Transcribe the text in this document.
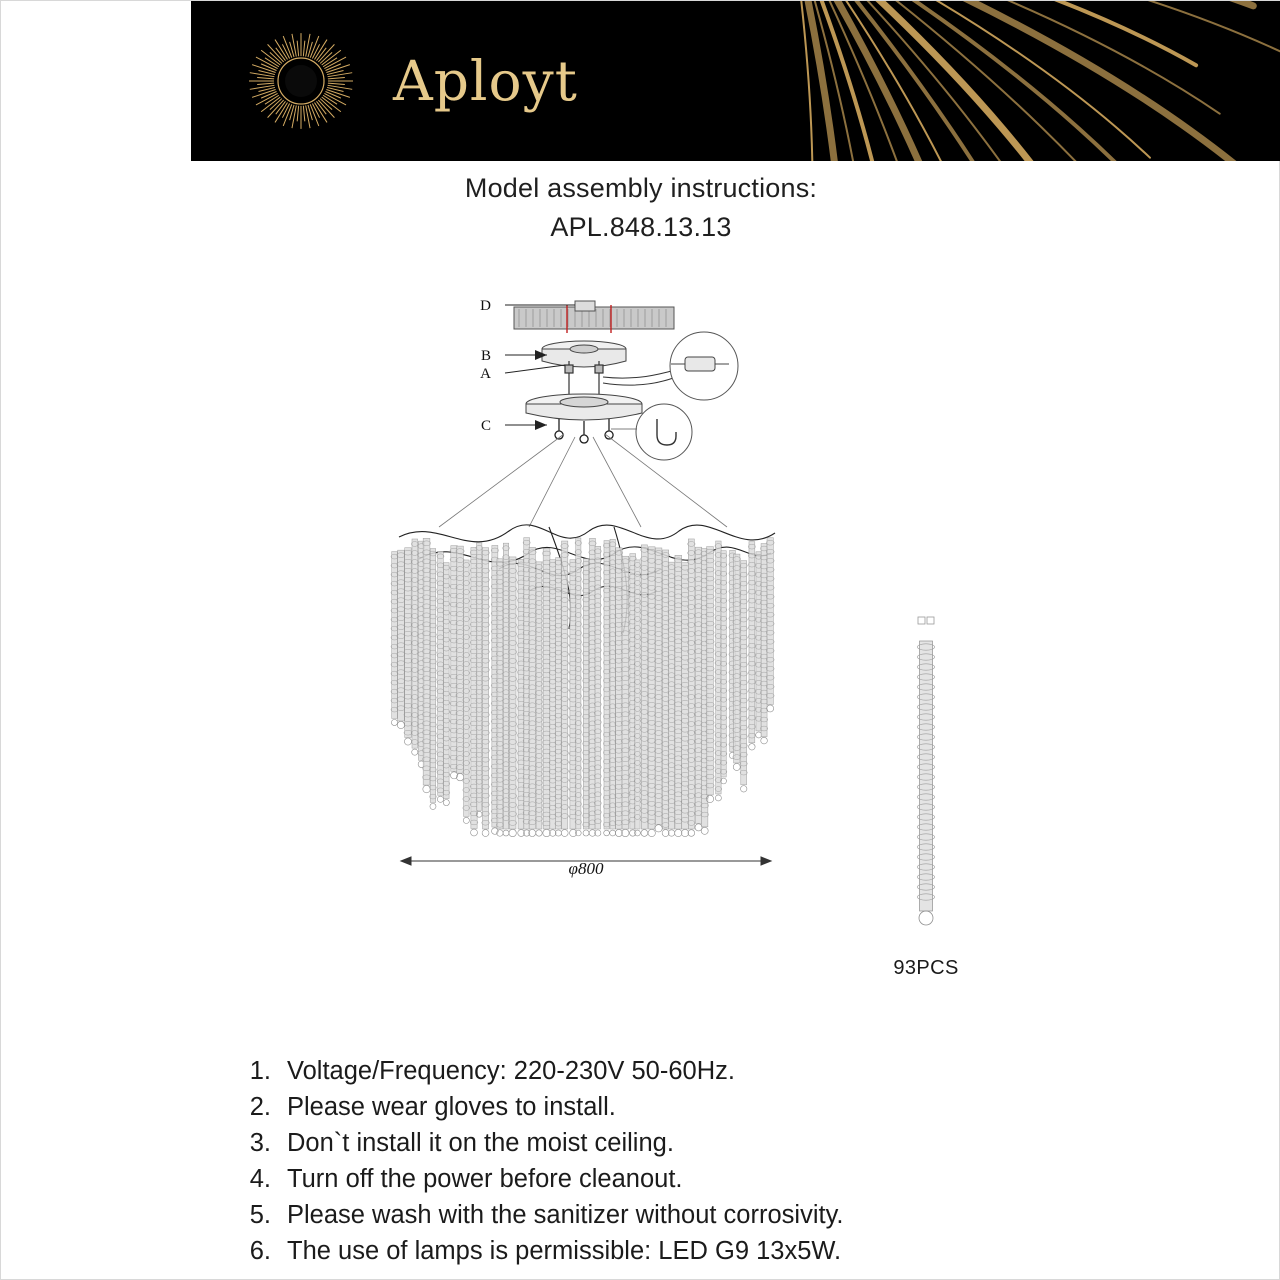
Aployt
Model assembly instructions:
APL.848.13.13
φ800
D
B
A
C
93PCS
1. Voltage/Frequency: 220-230V 50-60Hz.
2. Please wear gloves to install.
3. Don`t install it on the moist ceiling.
4. Turn off the power before cleanout.
5. Please wash with the sanitizer without corrosivity.
6. The use of lamps is permissible: LED G9 13x5W.
